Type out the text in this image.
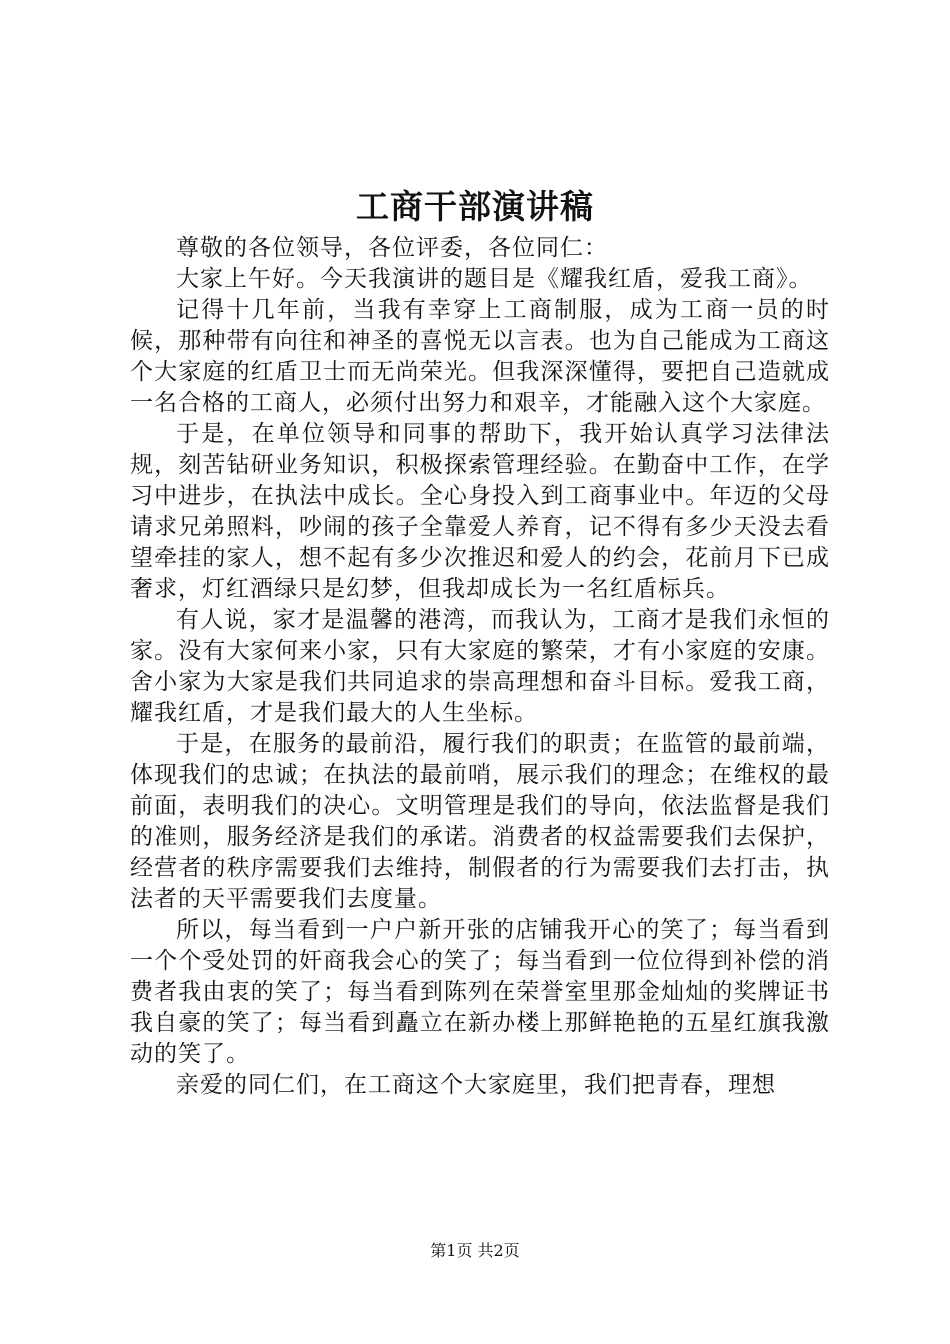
工商干部演讲稿

尊敬的各位领导，各位评委，各位同仁：

大家上午好。今天我演讲的题目是《耀我红盾，爱我工商》。

记得十几年前，当我有幸穿上工商制服，成为工商一员的时候，那种带有向往和神圣的喜悦无以言表。也为自己能成为工商这个大家庭的红盾卫士而无尚荣光。但我深深懂得，要把自己造就成一名合格的工商人，必须付出努力和艰辛，才能融入这个大家庭。

于是，在单位领导和同事的帮助下，我开始认真学习法律法规，刻苦钻研业务知识，积极探索管理经验。在勤奋中工作，在学习中进步，在执法中成长。全心身投入到工商事业中。年迈的父母请求兄弟照料，吵闹的孩子全靠爱人养育，记不得有多少天没去看望牵挂的家人，想不起有多少次推迟和爱人的约会，花前月下已成奢求，灯红酒绿只是幻梦，但我却成长为一名红盾标兵。

有人说，家才是温馨的港湾，而我认为，工商才是我们永恒的家。没有大家何来小家，只有大家庭的繁荣，才有小家庭的安康。舍小家为大家是我们共同追求的崇高理想和奋斗目标。爱我工商，耀我红盾，才是我们最大的人生坐标。

于是，在服务的最前沿，履行我们的职责；在监管的最前端，体现我们的忠诚；在执法的最前哨，展示我们的理念；在维权的最前面，表明我们的决心。文明管理是我们的导向，依法监督是我们的准则，服务经济是我们的承诺。消费者的权益需要我们去保护，经营者的秩序需要我们去维持，制假者的行为需要我们去打击，执法者的天平需要我们去度量。

所以，每当看到一户户新开张的店铺我开心的笑了；每当看到一个个受处罚的奸商我会心的笑了；每当看到一位位得到补偿的消费者我由衷的笑了；每当看到陈列在荣誉室里那金灿灿的奖牌证书我自豪的笑了；每当看到矗立在新办楼上那鲜艳艳的五星红旗我激动的笑了。

亲爱的同仁们，在工商这个大家庭里，我们把青春，理想

第1页 共2页
